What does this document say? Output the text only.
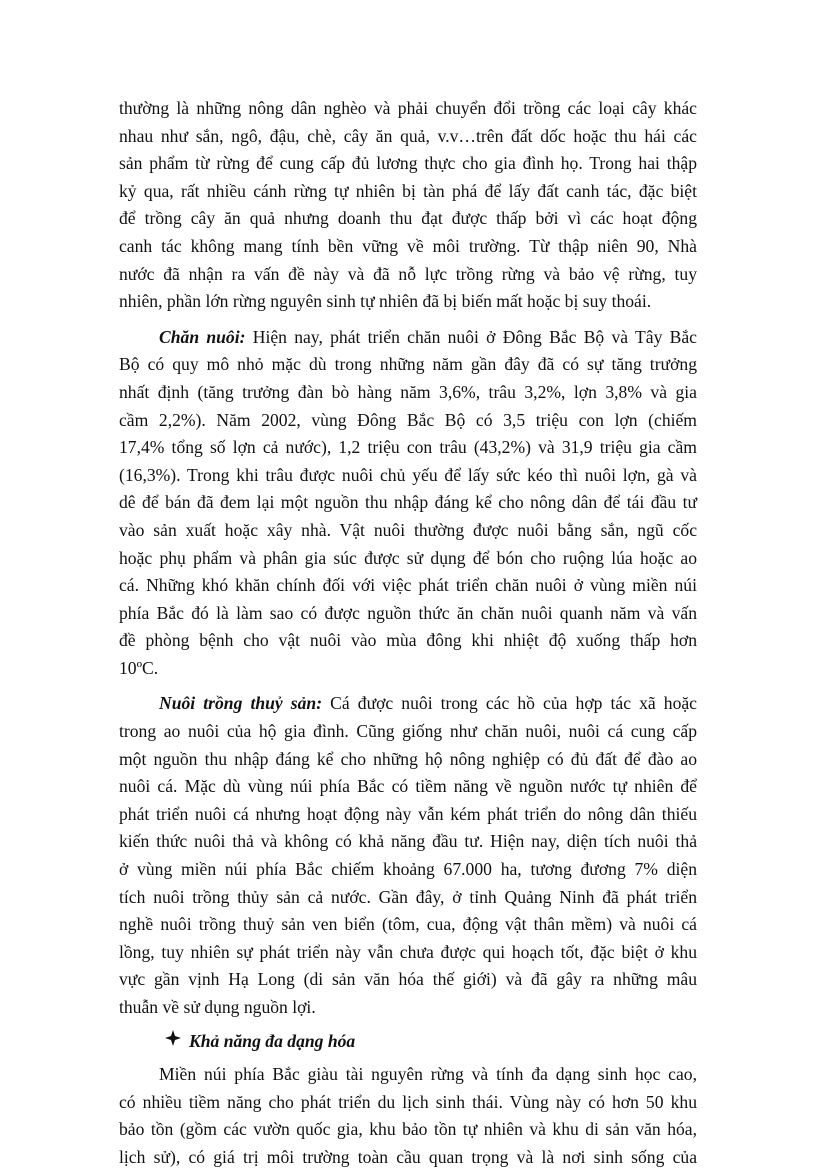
thường là những nông dân nghèo và phải chuyển đổi trồng các loại cây khác
nhau như sắn, ngô, đậu, chè, cây ăn quả, v.v…trên đất dốc hoặc thu hái các
sản phẩm từ rừng để cung cấp đủ lương thực cho gia đình họ. Trong hai thập
kỷ qua, rất nhiều cánh rừng tự nhiên bị tàn phá để lấy đất canh tác, đặc biệt
để trồng cây ăn quả nhưng doanh thu đạt được thấp bởi vì các hoạt động
canh tác không mang tính bền vững về môi trường. Từ thập niên 90, Nhà
nước đã nhận ra vấn đề này và đã nỗ lực trồng rừng và bảo vệ rừng, tuy
nhiên, phần lớn rừng nguyên sinh tự nhiên đã bị biến mất hoặc bị suy thoái.

Chăn nuôi: Hiện nay, phát triển chăn nuôi ở Đông Bắc Bộ và Tây Bắc
Bộ có quy mô nhỏ mặc dù trong những năm gần đây đã có sự tăng trưởng
nhất định (tăng trưởng đàn bò hàng năm 3,6%, trâu 3,2%, lợn 3,8% và gia
cầm 2,2%). Năm 2002, vùng Đông Bắc Bộ có 3,5 triệu con lợn (chiếm
17,4% tổng số lợn cả nước), 1,2 triệu con trâu (43,2%) và 31,9 triệu gia cầm
(16,3%). Trong khi trâu được nuôi chủ yếu để lấy sức kéo thì nuôi lợn, gà và
dê để bán đã đem lại một nguồn thu nhập đáng kể cho nông dân để tái đầu tư
vào sản xuất hoặc xây nhà. Vật nuôi thường được nuôi bằng sắn, ngũ cốc
hoặc phụ phẩm và phân gia súc được sử dụng để bón cho ruộng lúa hoặc ao
cá. Những khó khăn chính đối với việc phát triển chăn nuôi ở vùng miền núi
phía Bắc đó là làm sao có được nguồn thức ăn chăn nuôi quanh năm và vấn
đề phòng bệnh cho vật nuôi vào mùa đông khi nhiệt độ xuống thấp hơn
10ºC.

Nuôi trồng thuỷ sản: Cá được nuôi trong các hồ của hợp tác xã hoặc
trong ao nuôi của hộ gia đình. Cũng giống như chăn nuôi, nuôi cá cung cấp
một nguồn thu nhập đáng kể cho những hộ nông nghiệp có đủ đất để đào ao
nuôi cá. Mặc dù vùng núi phía Bắc có tiềm năng về nguồn nước tự nhiên để
phát triển nuôi cá nhưng hoạt động này vẫn kém phát triển do nông dân thiếu
kiến thức nuôi thả và không có khả năng đầu tư. Hiện nay, diện tích nuôi thả
ở vùng miền núi phía Bắc chiếm khoảng 67.000 ha, tương đương 7% diện
tích nuôi trồng thủy sản cả nước. Gần đây, ở tỉnh Quảng Ninh đã phát triển
nghề nuôi trồng thuỷ sản ven biển (tôm, cua, động vật thân mềm) và nuôi cá
lồng, tuy nhiên sự phát triển này vẫn chưa được qui hoạch tốt, đặc biệt ở khu
vực gần vịnh Hạ Long (di sản văn hóa thế giới) và đã gây ra những mâu
thuẫn về sử dụng nguồn lợi.

Khả năng đa dạng hóa

Miền núi phía Bắc giàu tài nguyên rừng và tính đa dạng sinh học cao,
có nhiều tiềm năng cho phát triển du lịch sinh thái. Vùng này có hơn 50 khu
bảo tồn (gồm các vườn quốc gia, khu bảo tồn tự nhiên và khu di sản văn hóa,
lịch sử), có giá trị môi trường toàn cầu quan trọng và là nơi sinh sống của
